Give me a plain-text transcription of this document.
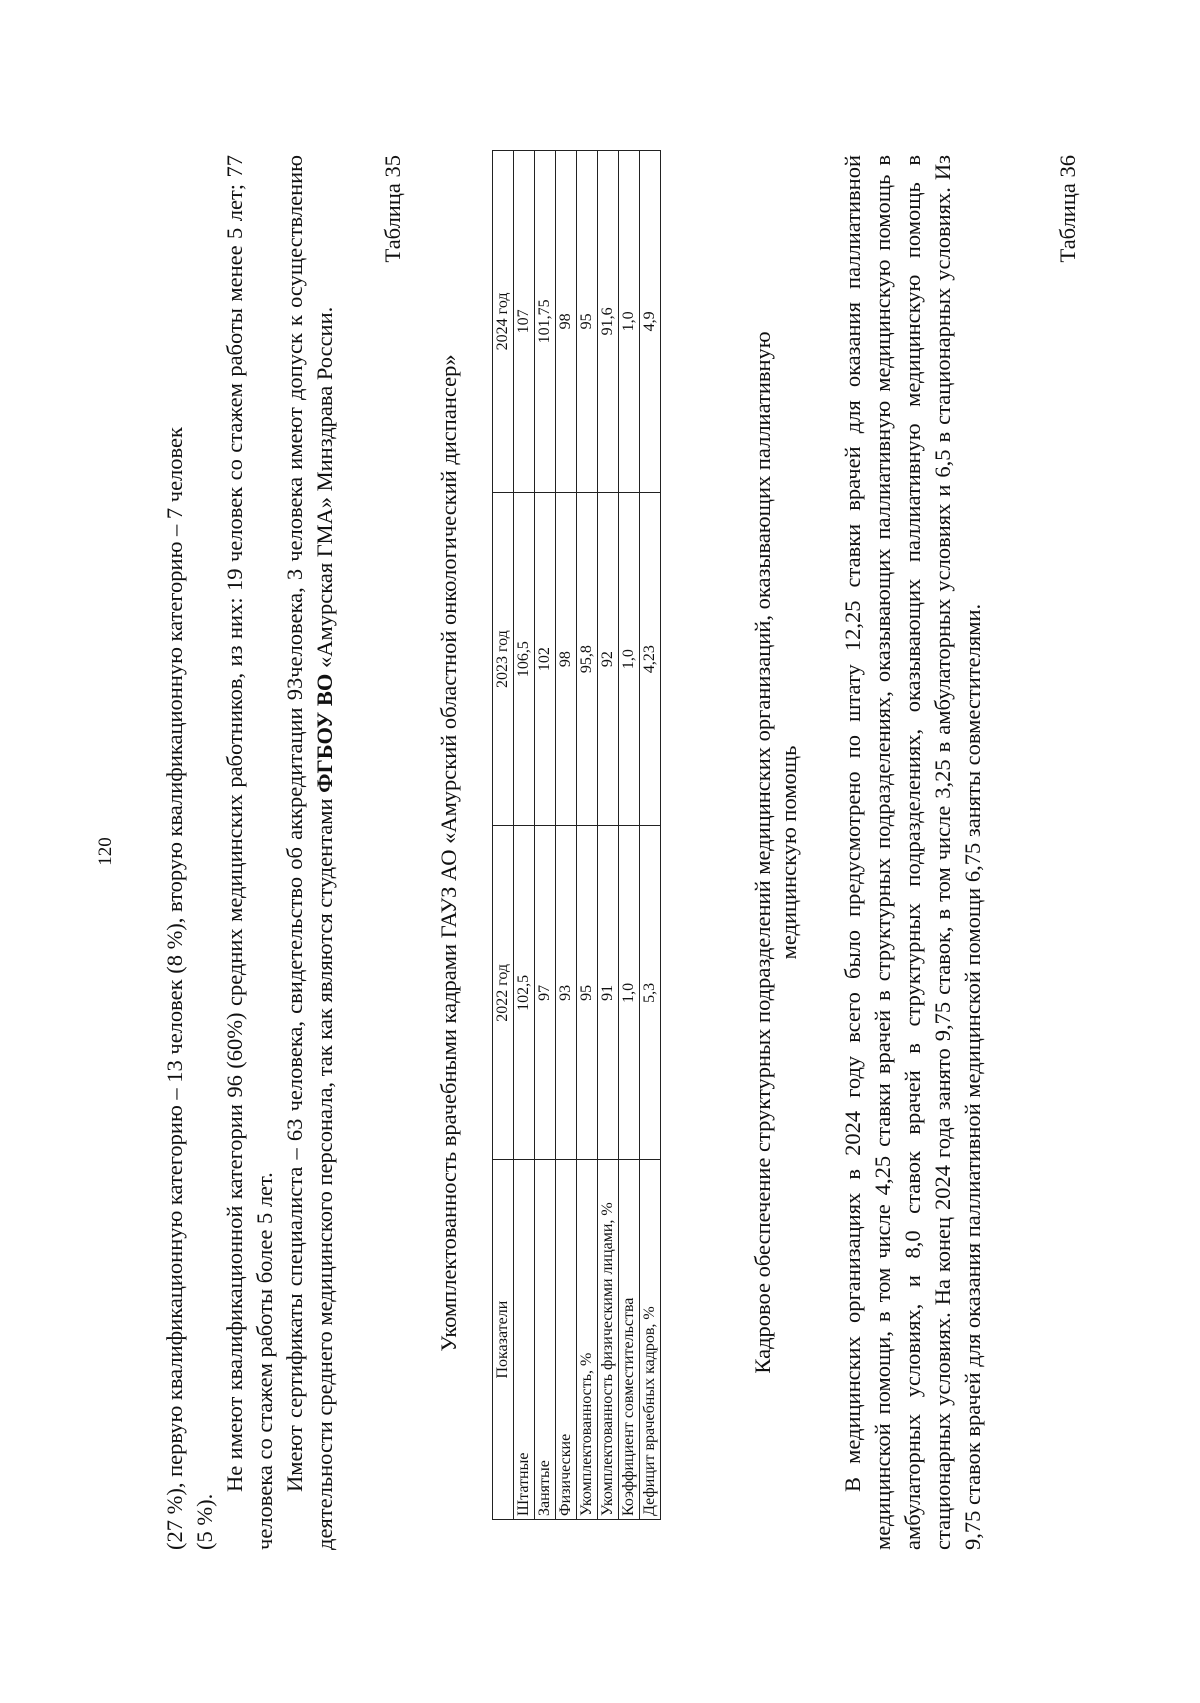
120 (27 %), первую квалификационную категорию – 13 человек (8 %), вторую квалификационную категорию – 7 человек (5 %).

Не имеют квалификационной категории 96 (60%) средних медицинских работников, из них: 19 человек со стажем работы менее 5 лет; 77 человека со стажем работы более 5 лет. Имеют сертификаты специалиста – 63 человека, свидетельство об аккредитации 93человека, 3 человека имеют допуск к осуществлению деятельности среднего медицинского персонала, так как являются студентами ФГБОУ ВО «Амурская ГМА» Минздрава России.

Таблица 35
Укомплектованность врачебными кадрами ГАУЗ АО «Амурский областной онкологический диспансер» Показатели	2022 год	2023 год	2024 год
Штатные	102,5	106,5	107
Занятые	97	102	101,75
Физические	93	98	98
Укомплектованность, %	95	95,8	95
Укомплектованность физическими лицами, %	91	92	91,6
Коэффициент совместительства	1,0	1,0	1,0
Дефицит врачебных кадров, %	5,3	4,23	4,9
Кадровое обеспечение структурных подразделений медицинских организаций, оказывающих паллиативную медицинскую помощь В медицинских организациях в 2024 году всего было предусмотрено по штату 12,25 ставки врачей для оказания паллиативной медицинской помощи, в том числе 4,25 ставки врачей в структурных подразделениях, оказывающих паллиативную медицинскую помощь в амбулаторных условиях, и 8,0 ставок врачей в структурных подразделениях, оказывающих паллиативную медицинскую помощь в стационарных условиях. На конец 2024 года занято 9,75 ставок, в том числе 3,25 в амбулаторных условиях и 6,5 в стационарных условиях. Из 9,75 ставок врачей для оказания паллиативной медицинской помощи 6,75 заняты совместителями.

Таблица 36
